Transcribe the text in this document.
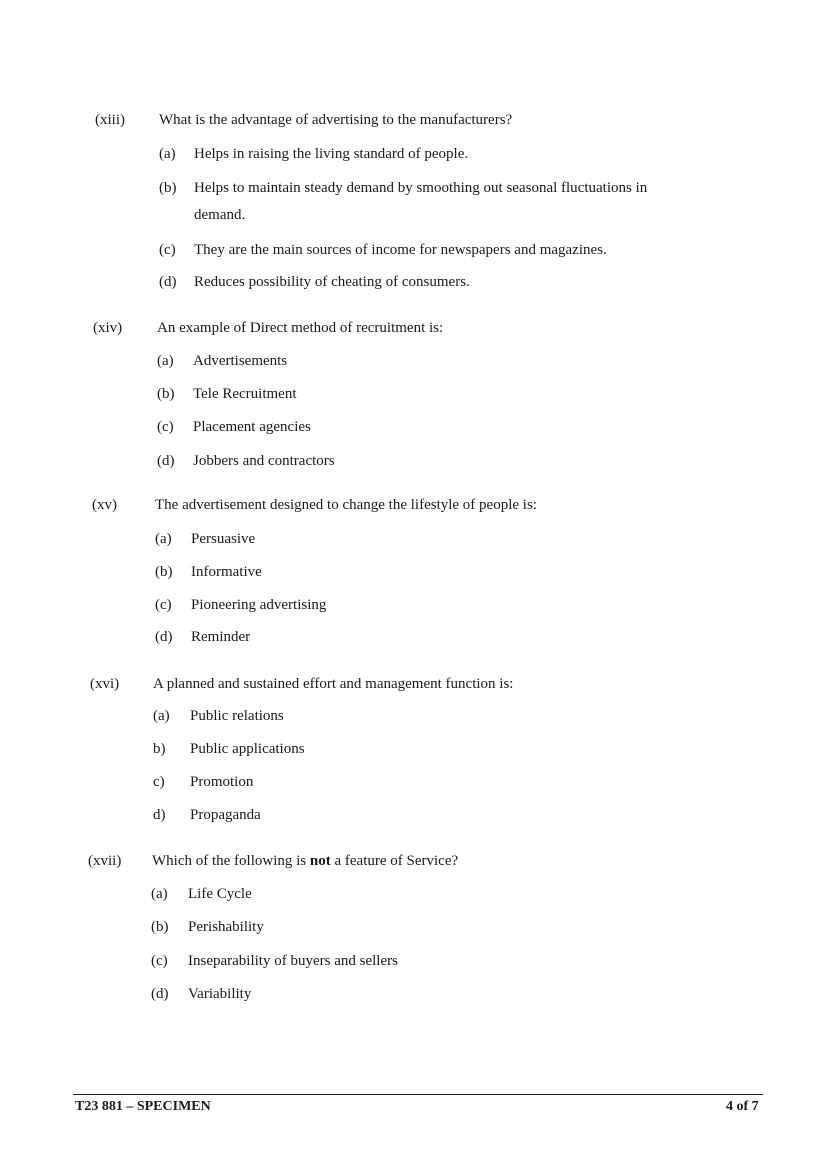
(xiii) What is the advantage of advertising to the manufacturers?
(a) Helps in raising the living standard of people.
(b) Helps to maintain steady demand by smoothing out seasonal fluctuations in
demand.
(c) They are the main sources of income for newspapers and magazines.
(d) Reduces possibility of cheating of consumers.
(xiv) An example of Direct method of recruitment is:
(a) Advertisements
(b) Tele Recruitment
(c) Placement agencies
(d) Jobbers and contractors
(xv)	The advertisement designed to change the lifestyle of people is:
(a) Persuasive
(b) Informative
(c) Pioneering advertising
(d) Reminder
(xvi) A planned and sustained effort and management function is:
(a) Public relations
b) Public applications
c) Promotion
d) Propaganda
(xvii) Which of the following is not a feature of Service?
(a) Life Cycle
(b) Perishability
(c) Inseparability of buyers and sellers
(d) Variability
T23 881 – SPECIMEN	4 of 7
